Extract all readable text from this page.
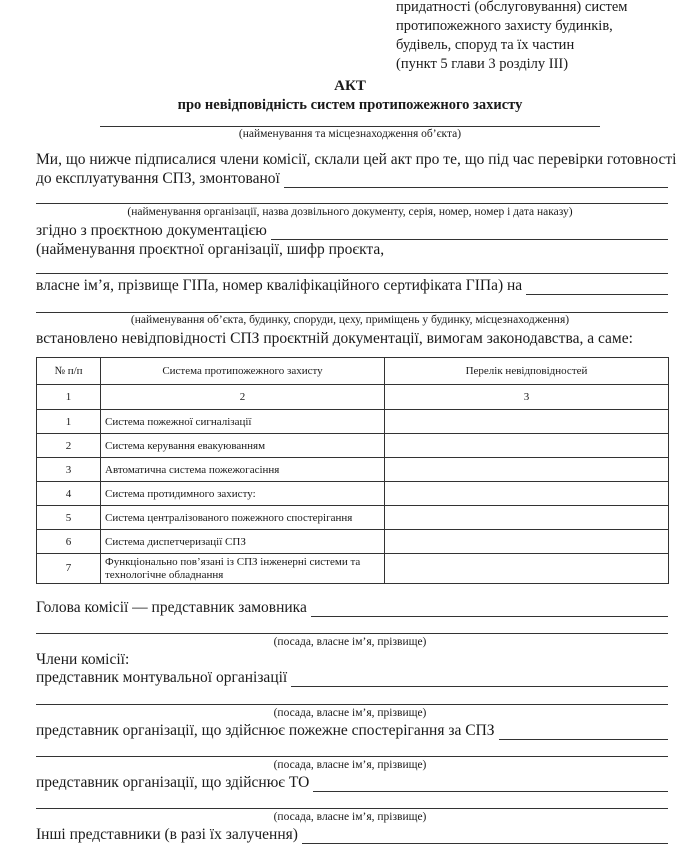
придатності (обслуговування) систем
протипожежного захисту будинків,
будівель, споруд та їх частин
(пункт 5 глави 3 розділу ІІІ)
АКТ
про невідповідність систем протипожежного захисту
(найменування та місцезнаходження об’єкта)
Ми, що нижче підписалися члени комісії, склали цей акт про те, що під час перевірки готовності
до експлуатування СПЗ, змонтованої
(найменування організації, назва дозвільного документу, серія, номер, номер і дата наказу)
згідно з проєктною документацією
(найменування проєктної організації, шифр проєкта,
власне ім’я, прізвище ГІПа, номер кваліфікаційного сертифіката ГІПа) на
(найменування об’єкта, будинку, споруди, цеху, приміщень у будинку, місцезнаходження)
встановлено невідповідності СПЗ проєктній документації, вимогам законодавства, а саме:
№ п/п	Система протипожежного захисту	Перелік невідповідностей
1	2	3
1	Система пожежної сигналізації	
2	Система керування евакуюванням	
3	Автоматична система пожежогасіння	
4	Система протидимного захисту:	
5	Система централізованого пожежного спостерігання	
6	Система диспетчеризації СПЗ	
7	Функціонально пов’язані із СПЗ інженерні системи та технологічне обладнання	
Голова комісії — представник замовника
(посада, власне ім’я, прізвище)
Члени комісії:
представник монтувальної організації
(посада, власне ім’я, прізвище)
представник організації, що здійснює пожежне спостерігання за СПЗ
(посада, власне ім’я, прізвище)
представник організації, що здійснює ТО
(посада, власне ім’я, прізвище)
Інші представники (в разі їх залучення)
